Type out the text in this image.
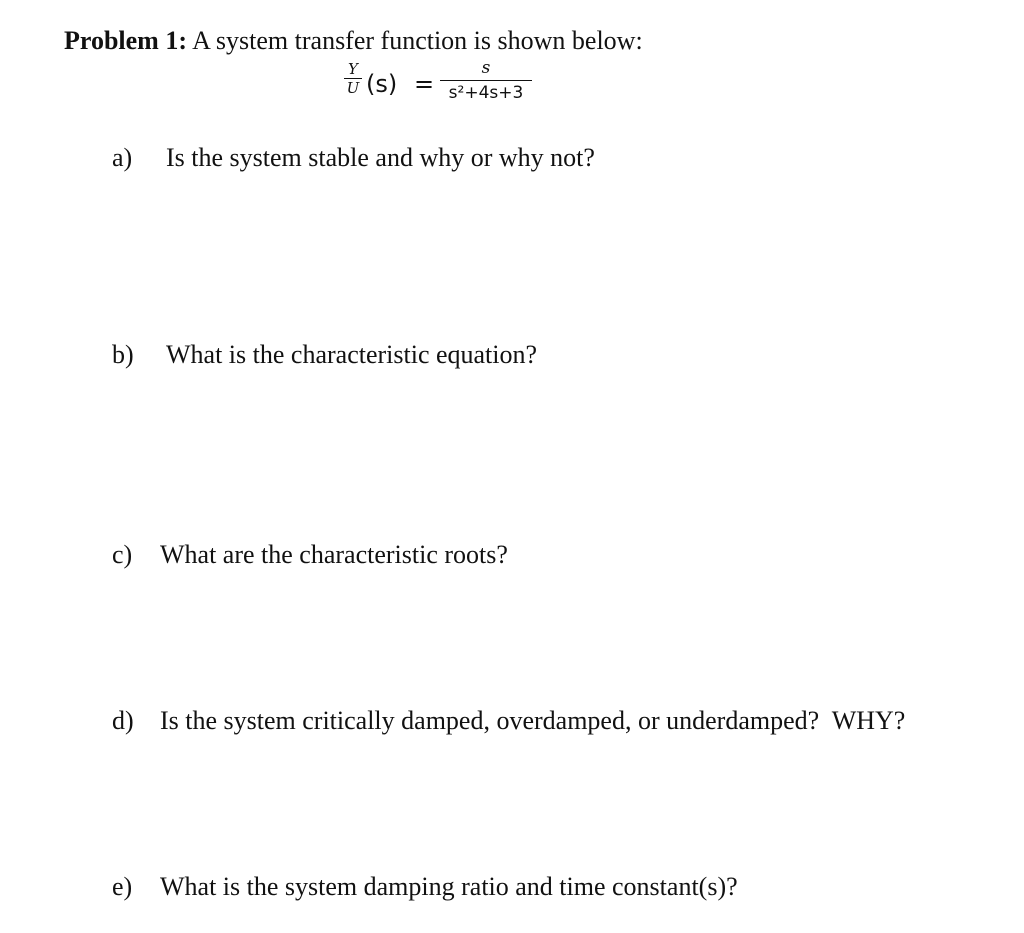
Problem 1: A system transfer function is shown below:
Y
U (s) =
s
s²+4s+3
a) Is the system stable and why or why not?
b) What is the characteristic equation?
c) What are the characteristic roots?
d) Is the system critically damped, overdamped, or underdamped?  WHY?
e) What is the system damping ratio and time constant(s)?
